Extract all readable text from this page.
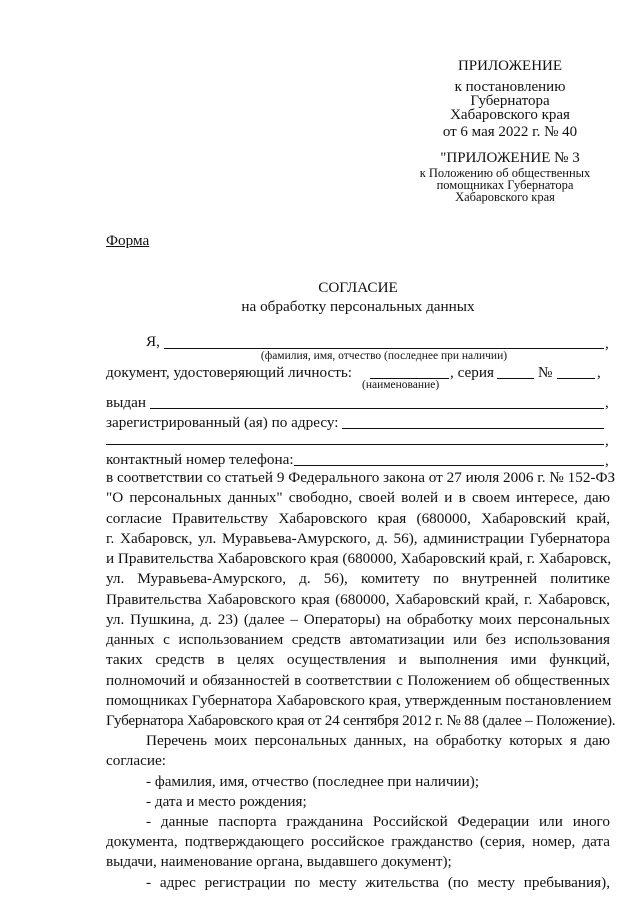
ПРИЛОЖЕНИЕ
к постановлению
Губернатора
Хабаровского края
от 6 мая 2022 г. № 40
"ПРИЛОЖЕНИЕ № 3
к Положению об общественных
помощниках Губернатора
Хабаровского края
Форма
СОГЛАСИЕ
на обработку персональных данных
Я,	,
(фамилия, имя, отчество (последнее при наличии)
документ, удостоверяющий личность:	, серия	№	,
(наименование)
выдан	,
зарегистрированный (ая) по адресу:
,
контактный номер телефона:	,
в соответствии со статьей 9 Федерального закона от 27 июля 2006 г. № 152-ФЗ
"О персональных данных" свободно, своей волей и в своем интересе, даю
согласие Правительству Хабаровского края (680000, Хабаровский край,
г. Хабаровск, ул. Муравьева-Амурского, д. 56), администрации Губернатора
и Правительства Хабаровского края (680000, Хабаровский край, г. Хабаровск,
ул. Муравьева-Амурского, д. 56), комитету по внутренней политике
Правительства Хабаровского края (680000, Хабаровский край, г. Хабаровск,
ул. Пушкина, д. 23) (далее – Операторы) на обработку моих персональных
данных с использованием средств автоматизации или без использования
таких средств в целях осуществления и выполнения ими функций,
полномочий и обязанностей в соответствии с Положением об общественных
помощниках Губернатора Хабаровского края, утвержденным постановлением
Губернатора Хабаровского края от 24 сентября 2012 г. № 88 (далее – Положение).
Перечень моих персональных данных, на обработку которых я даю
согласие:
- фамилия, имя, отчество (последнее при наличии);
- дата и место рождения;
- данные паспорта гражданина Российской Федерации или иного
документа, подтверждающего российское гражданство (серия, номер, дата
выдачи, наименование органа, выдавшего документ);
- адрес регистрации по месту жительства (по месту пребывания),
